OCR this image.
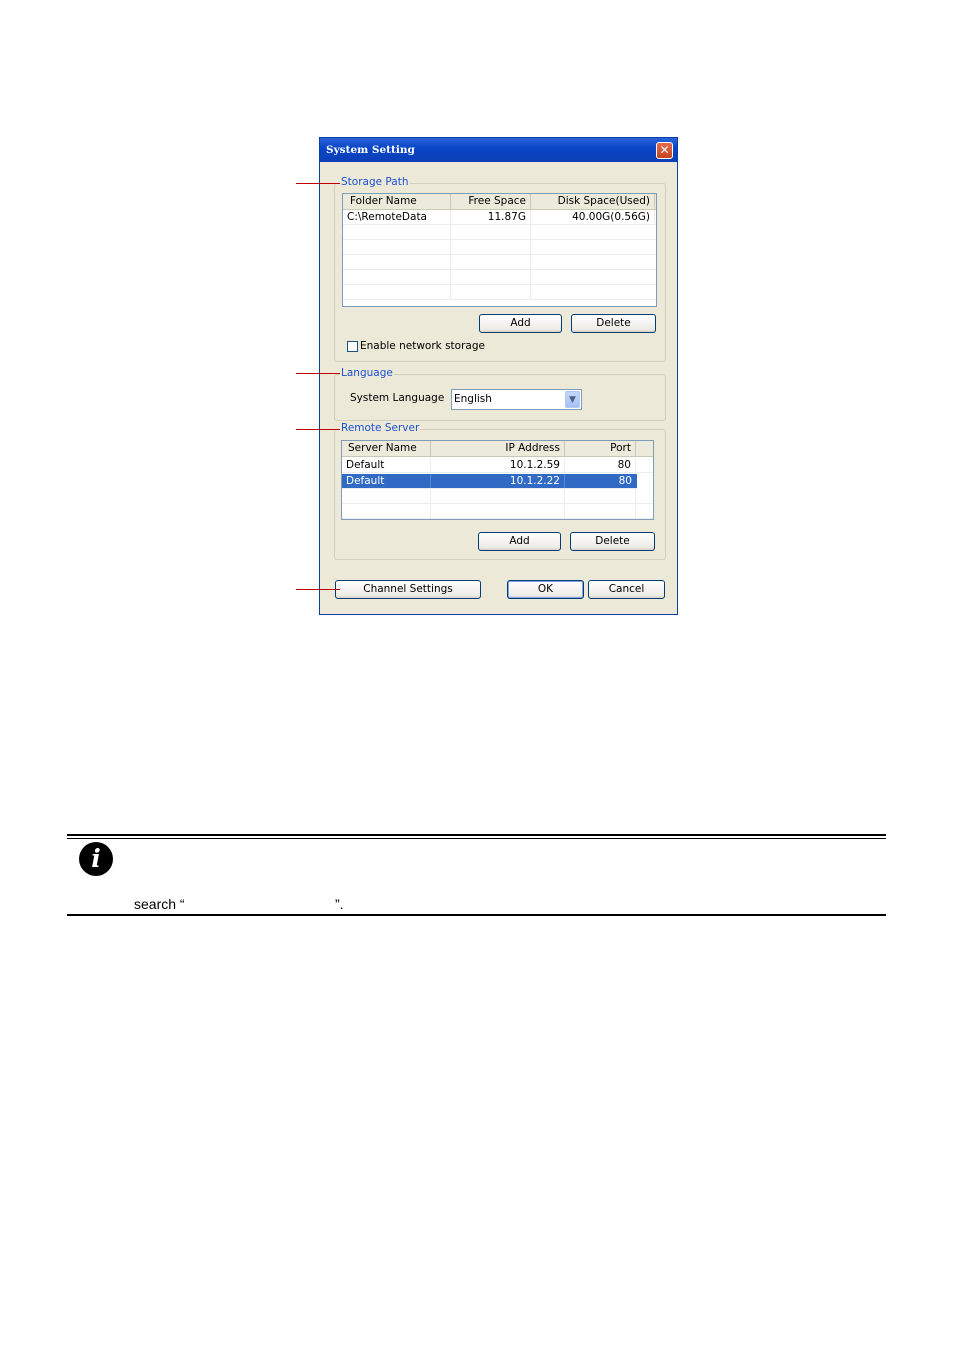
System Setting	✕
Storage Path
Folder Name	Free Space	Disk Space(Used)
C:\RemoteData	11.87G	40.00G(0.56G)
Add	Delete
Enable network storage
Language
System Language English	▼
Remote Server
Server Name	IP Address	Port
Default	10.1.2.59	80
Default	10.1.2.22	80
Add	Delete
Channel Settings	OK	Cancel
i
search “	”.
